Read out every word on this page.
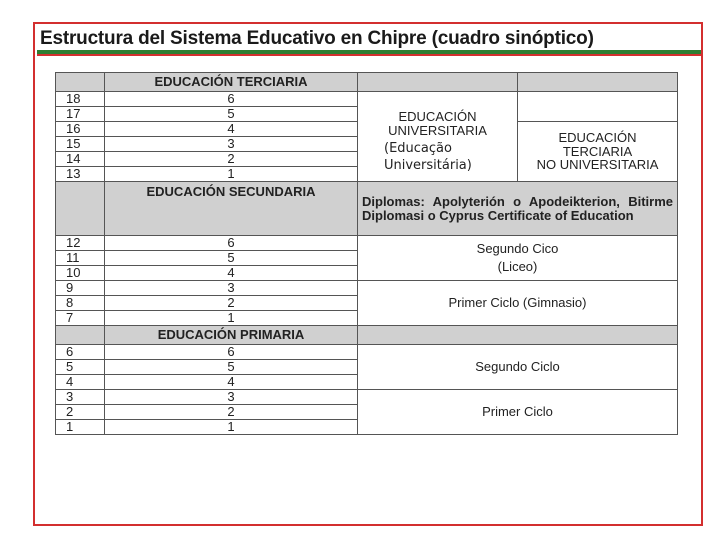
Estructura del Sistema Educativo en Chipre (cuadro sinóptico)
	EDUCACIÓN TERCIARIA		
18	6	EDUCACIÓN
UNIVERSITARIA
(Educação
Universitária)	

17	5		
16	4		EDUCACIÓN
TERCIARIA
NO UNIVERSITARIA
15	3		
14	2		
13	1		
	EDUCACIÓN SECUNDARIA	Diplomas: Apolyterión o Apodeikterion, Bitirme Diplomasi o Cyprus Certificate of Education	
12	6	Segundo Cico
(Liceo)	
11	5		
10	4		
9	3	Primer Ciclo (Gimnasio)	
8	2		
7	1		
	EDUCACIÓN PRIMARIA		
6	6	Segundo Ciclo	
5	5		
4	4		
3	3	Primer Ciclo	
2	2		
1	1		
